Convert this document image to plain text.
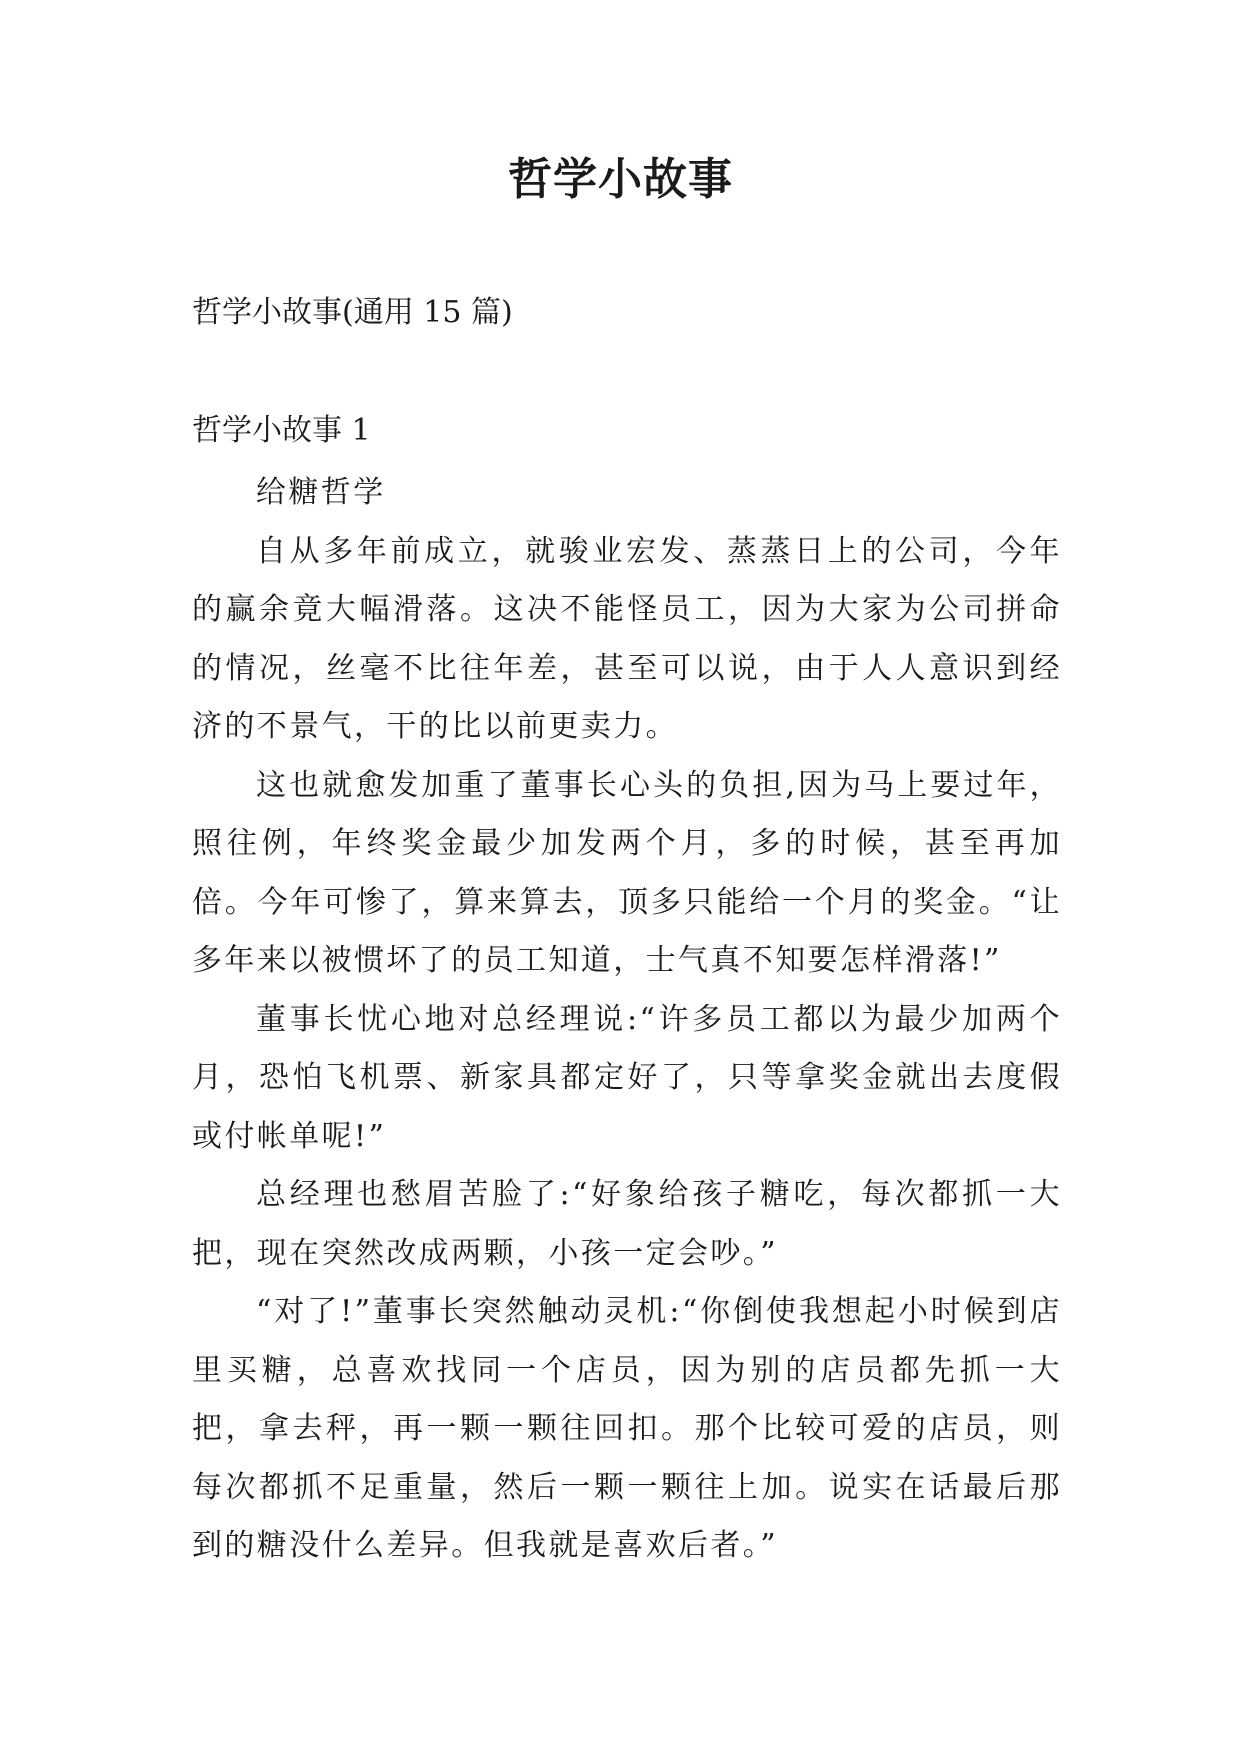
哲学小故事
哲学小故事(通用 15 篇)
哲学小故事 1

给糖哲学

自从多年前成立，就骏业宏发、蒸蒸日上的公司，今年的赢余竟大幅滑落。这决不能怪员工，因为大家为公司拼命的情况，丝毫不比往年差，甚至可以说，由于人人意识到经济的不景气，干的比以前更卖力。

这也就愈发加重了董事长心头的负担,因为马上要过年，照往例，年终奖金最少加发两个月，多的时候，甚至再加倍。今年可惨了，算来算去，顶多只能给一个月的奖金。“让多年来以被惯坏了的员工知道，士气真不知要怎样滑落!”

董事长忧心地对总经理说:“许多员工都以为最少加两个月，恐怕飞机票、新家具都定好了，只等拿奖金就出去度假或付帐单呢!”

总经理也愁眉苦脸了:“好象给孩子糖吃，每次都抓一大把，现在突然改成两颗，小孩一定会吵。”

“对了!”董事长突然触动灵机:“你倒使我想起小时候到店里买糖，总喜欢找同一个店员，因为别的店员都先抓一大把，拿去秤，再一颗一颗往回扣。那个比较可爱的店员，则每次都抓不足重量，然后一颗一颗往上加。说实在话最后那到的糖没什么差异。但我就是喜欢后者。”
